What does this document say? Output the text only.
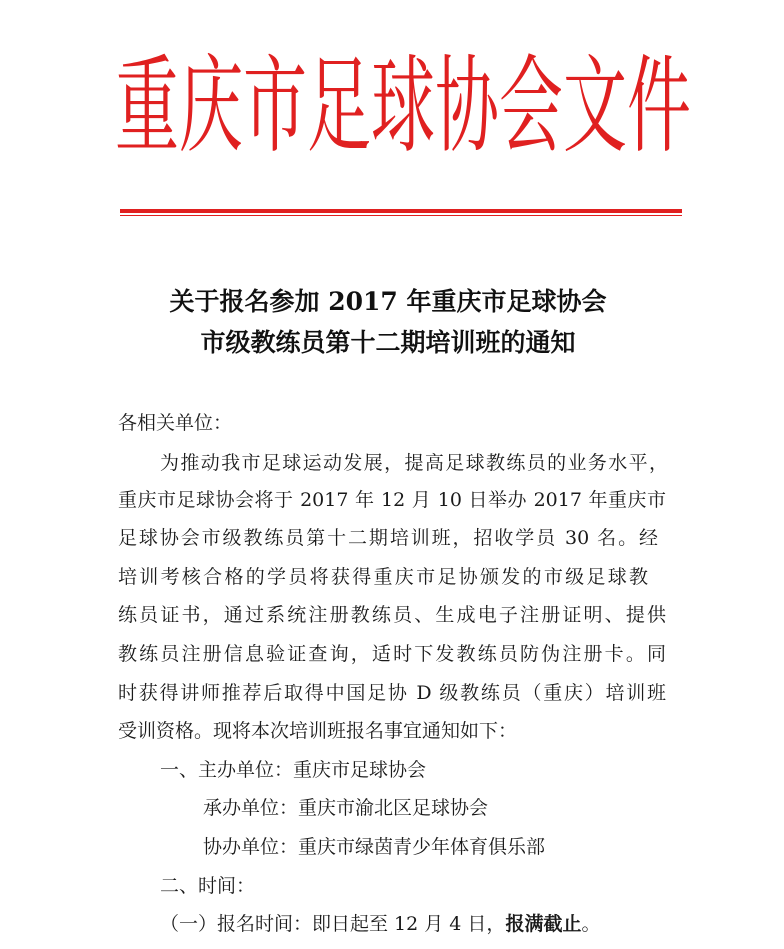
重庆市足球协会文件
关于报名参加 2017 年重庆市足球协会
市级教练员第十二期培训班的通知
各相关单位：
为推动我市足球运动发展，提高足球教练员的业务水平，
重庆市足球协会将于 2017 年 12 月 10 日举办 2017 年重庆市
足球协会市级教练员第十二期培训班，招收学员 30 名。经
培训考核合格的学员将获得重庆市足协颁发的市级足球教
练员证书，通过系统注册教练员、生成电子注册证明、提供
教练员注册信息验证查询，适时下发教练员防伪注册卡。同
时获得讲师推荐后取得中国足协 D 级教练员（重庆）培训班
受训资格。现将本次培训班报名事宜通知如下：
一、主办单位：重庆市足球协会
承办单位：重庆市渝北区足球协会
协办单位：重庆市绿茵青少年体育俱乐部
二、时间：
（一）报名时间：即日起至 12 月 4 日，报满截止。
